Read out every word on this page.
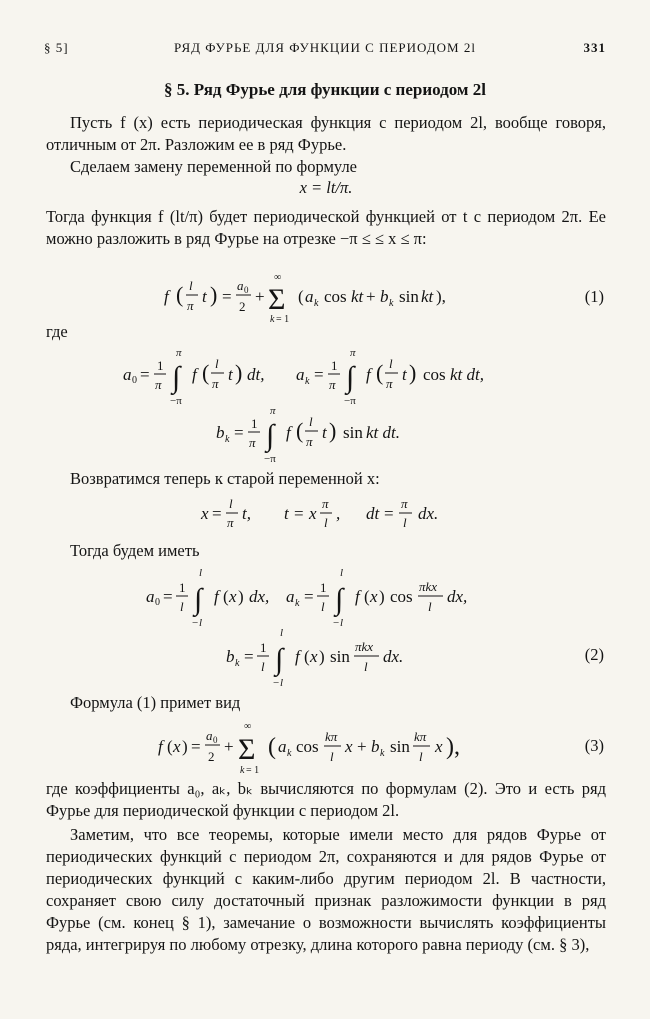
§ 5]	РЯД ФУРЬЕ ДЛЯ ФУНКЦИИ С ПЕРИОДОМ 2l	331
§ 5. Ряд Фурье для функции с периодом 2l
Пусть f (x) есть периодическая функция с периодом 2l, вообще говоря, отличным от 2π. Разложим ее в ряд Фурье.
Сделаем замену переменной по формуле
x = lt/π.
Тогда функция f (lt/π) будет периодической функцией от t с периодом 2π. Ее можно разложить в ряд Фурье на отрезке −π ≤ ≤ x ≤ π:
f ( l
π t ) =
a 0
2
+ Σ
∞
k = 1
( a k cos kt + b k sin kt ),	(1)
где
a 0 = 1
π
π
∫
−π
f ( l
π t ) dt, a k = 1
π
π
∫
−π
f ( l
π t ) cos kt dt,
b k = 1
π
π
∫
−π
f ( l
π t ) sin kt dt.
Возвратимся теперь к старой переменной x:
x =
l
π t, t = x
π
l , dt =
π
l dx.
Тогда будем иметь
a 0 = 1
l
l
∫
− l
f ( x ) dx, a k = 1
l
l
∫
− l
f ( x ) cos
πkx
l
dx,
b k = 1
l
l
∫
− l
f ( x ) sin
πkx
l
dx.	(2)
Формула (1) примет вид
f ( x ) =
a 0
2
+ Σ
∞
k = 1
( a k cos
kπ
l
x + b k sin
kπ
l
x ),	(3)
где коэффициенты a₀, aₖ, bₖ вычисляются по формулам (2). Это и есть ряд Фурье для периодической функции с периодом 2l.
Заметим, что все теоремы, которые имели место для рядов Фурье от периодических функций с периодом 2π, сохраняются и для рядов Фурье от периодических функций с каким-либо другим периодом 2l. В частности, сохраняет свою силу достаточный признак разложимости функции в ряд Фурье (см. конец § 1), замечание о возможности вычислять коэффициенты ряда, интегрируя по любому отрезку, длина которого равна периоду (см. § 3),
